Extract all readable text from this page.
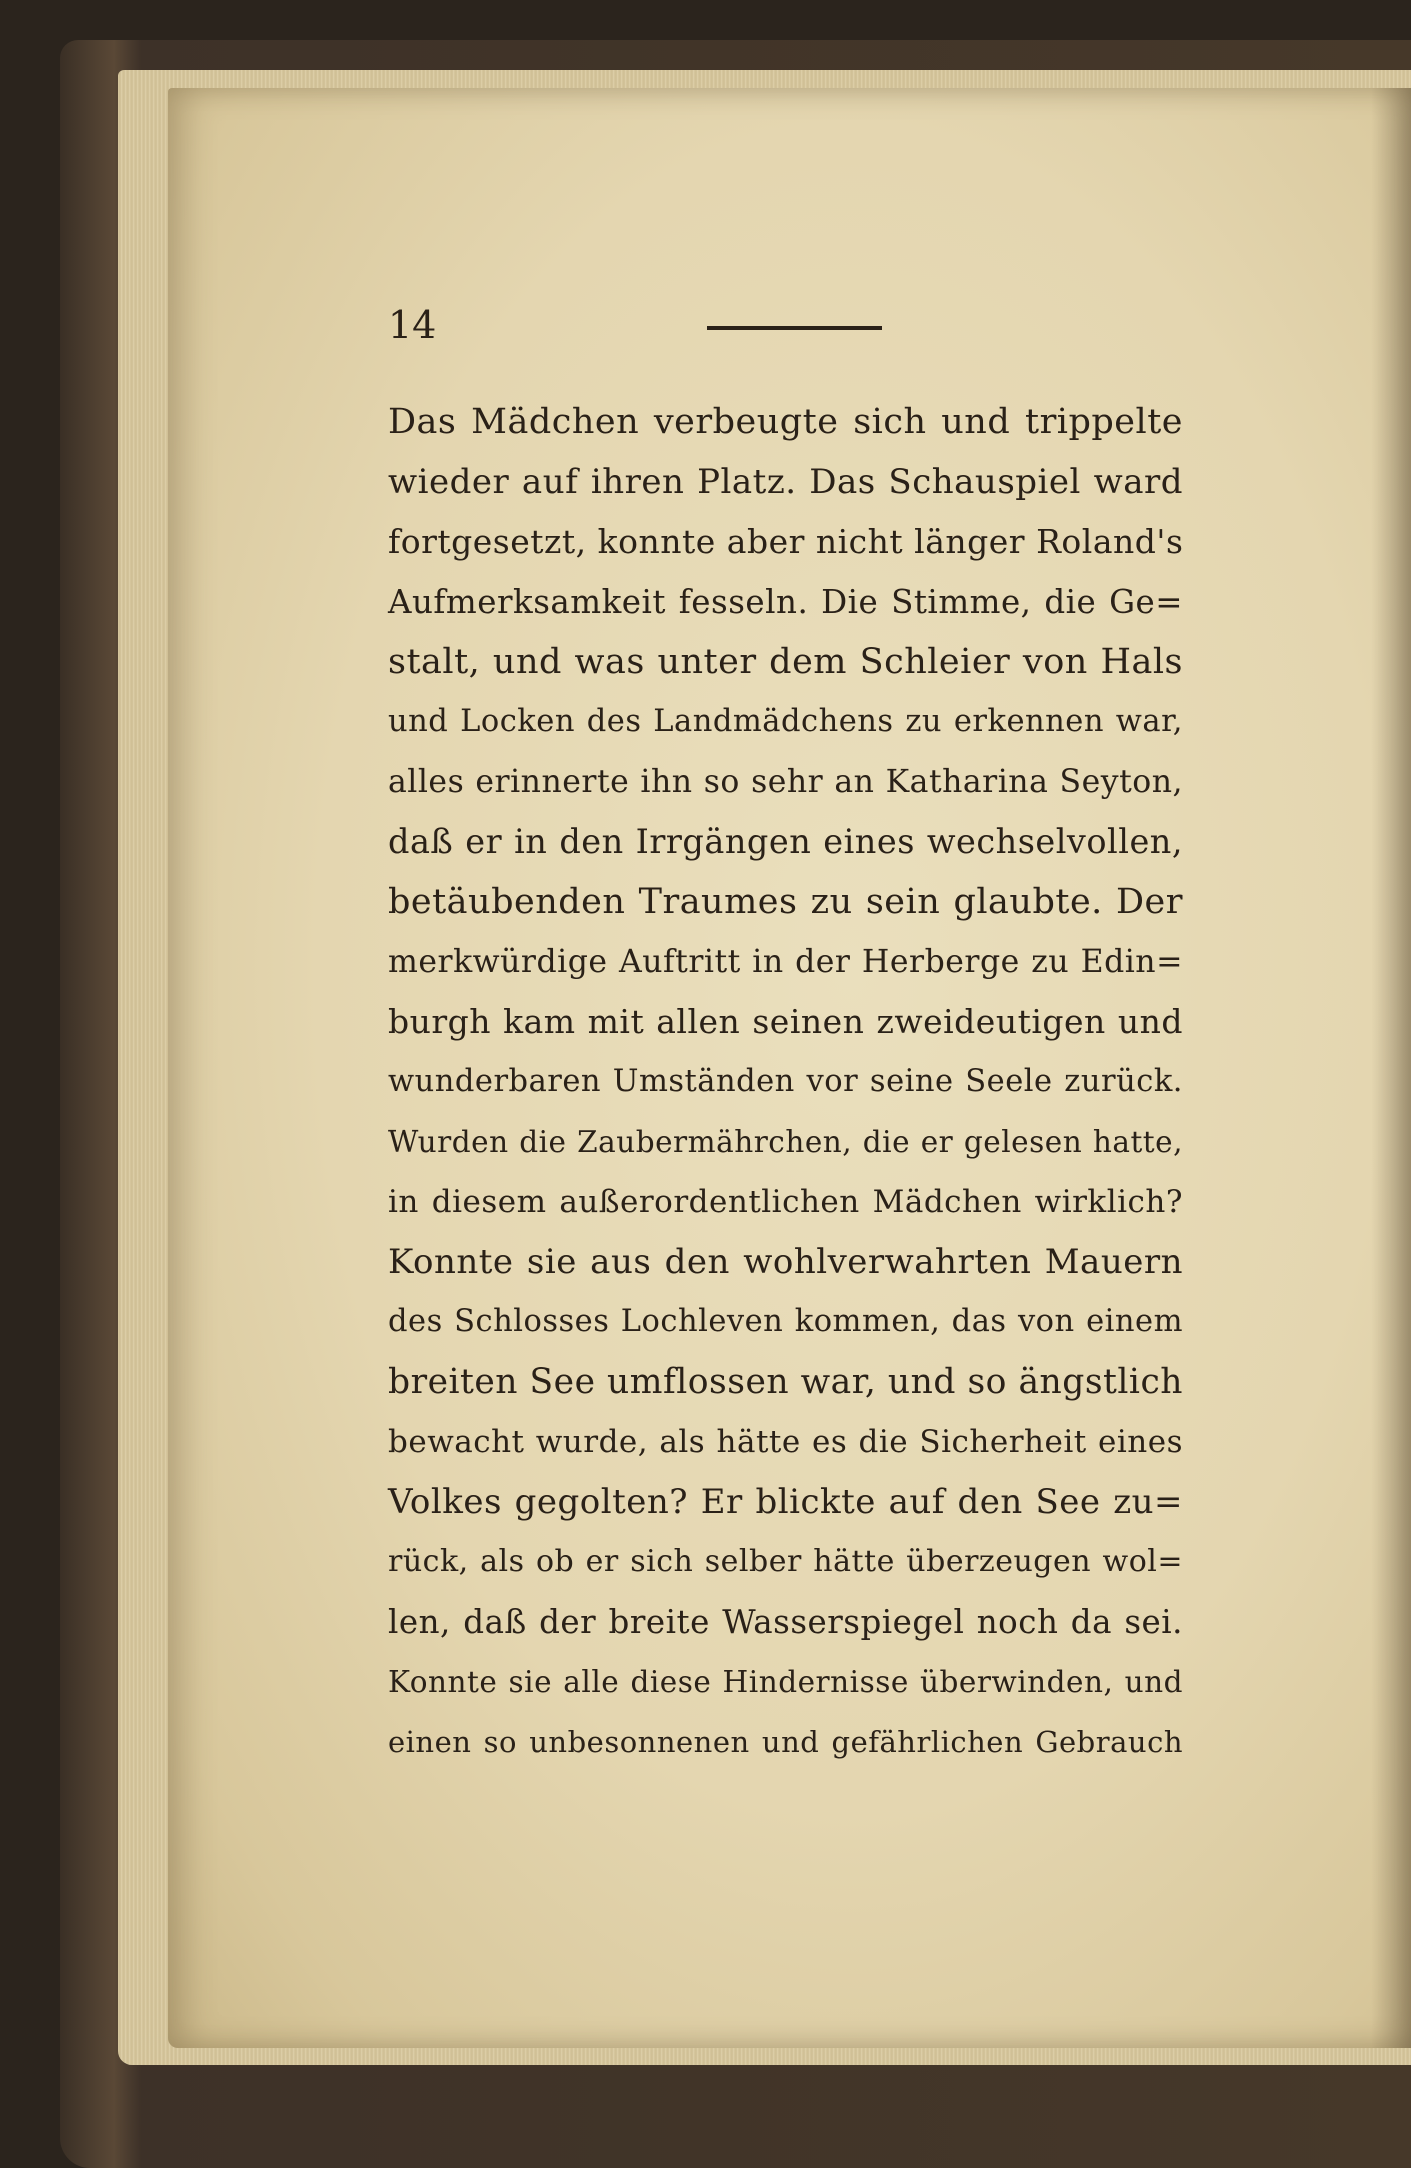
14
Das Mädchen verbeugte sich und trippelte
wieder auf ihren Platz. Das Schauspiel ward
fortgesetzt, konnte aber nicht länger Roland's
Aufmerksamkeit fesseln. Die Stimme, die Ge=
stalt, und was unter dem Schleier von Hals
und Locken des Landmädchens zu erkennen war,
alles erinnerte ihn so sehr an Katharina Seyton,
daß er in den Irrgängen eines wechselvollen,
betäubenden Traumes zu sein glaubte. Der
merkwürdige Auftritt in der Herberge zu Edin=
burgh kam mit allen seinen zweideutigen und
wunderbaren Umständen vor seine Seele zurück.
Wurden die Zaubermährchen, die er gelesen hatte,
in diesem außerordentlichen Mädchen wirklich?
Konnte sie aus den wohlverwahrten Mauern
des Schlosses Lochleven kommen, das von einem
breiten See umflossen war, und so ängstlich
bewacht wurde, als hätte es die Sicherheit eines
Volkes gegolten? Er blickte auf den See zu=
rück, als ob er sich selber hätte überzeugen wol=
len, daß der breite Wasserspiegel noch da sei.
Konnte sie alle diese Hindernisse überwinden, und
einen so unbesonnenen und gefährlichen Gebrauch
